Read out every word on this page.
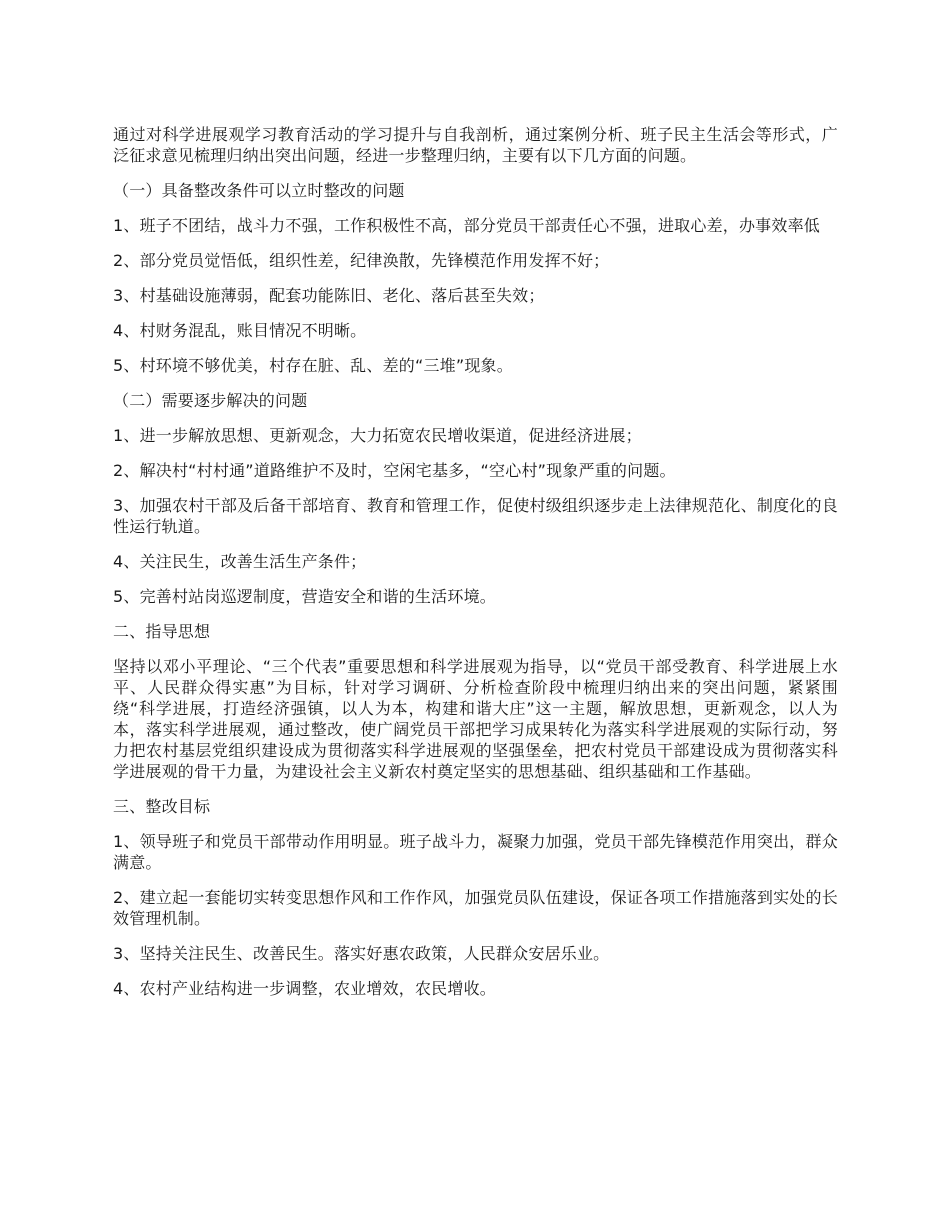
通过对科学进展观学习教育活动的学习提升与自我剖析，通过案例分析、班子民主生活会等形式，广泛征求意见梳理归纳出突出问题，经进一步整理归纳，主要有以下几方面的问题。

（一）具备整改条件可以立时整改的问题

1、班子不团结，战斗力不强，工作积极性不高，部分党员干部责任心不强，进取心差，办事效率低

2、部分党员觉悟低，组织性差，纪律涣散，先锋模范作用发挥不好；

3、村基础设施薄弱，配套功能陈旧、老化、落后甚至失效；

4、村财务混乱，账目情况不明晰。

5、村环境不够优美，村存在脏、乱、差的“三堆”现象。

（二）需要逐步解决的问题

1、进一步解放思想、更新观念，大力拓宽农民增收渠道，促进经济进展；

2、解决村“村村通”道路维护不及时，空闲宅基多，“空心村”现象严重的问题。

3、加强农村干部及后备干部培育、教育和管理工作，促使村级组织逐步走上法律规范化、制度化的良性运行轨道。

4、关注民生，改善生活生产条件；

5、完善村站岗巡逻制度，营造安全和谐的生活环境。

二、指导思想

坚持以邓小平理论、“三个代表”重要思想和科学进展观为指导，以“党员干部受教育、科学进展上水平、人民群众得实惠”为目标，针对学习调研、分析检查阶段中梳理归纳出来的突出问题，紧紧围绕“科学进展，打造经济强镇，以人为本，构建和谐大庄”这一主题，解放思想，更新观念，以人为本，落实科学进展观，通过整改，使广阔党员干部把学习成果转化为落实科学进展观的实际行动，努力把农村基层党组织建设成为贯彻落实科学进展观的坚强堡垒，把农村党员干部建设成为贯彻落实科学进展观的骨干力量，为建设社会主义新农村奠定坚实的思想基础、组织基础和工作基础。

三、整改目标

1、领导班子和党员干部带动作用明显。班子战斗力，凝聚力加强，党员干部先锋模范作用突出，群众满意。

2、建立起一套能切实转变思想作风和工作作风，加强党员队伍建设，保证各项工作措施落到实处的长效管理机制。

3、坚持关注民生、改善民生。落实好惠农政策，人民群众安居乐业。

4、农村产业结构进一步调整，农业增效，农民增收。
